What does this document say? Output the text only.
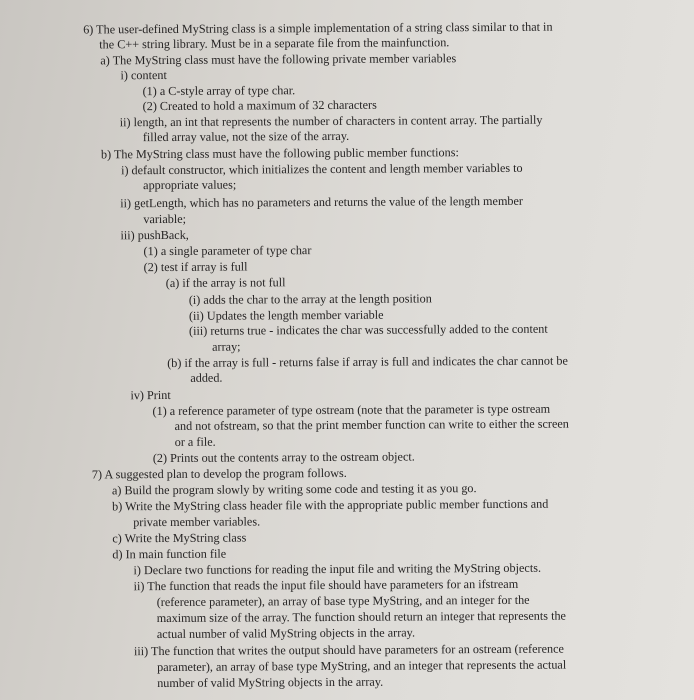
6) The user-defined MyString class is a simple implementation of a string class similar to that in
the C++ string library. Must be in a separate file from the mainfunction.
a) The MyString class must have the following private member variables
i) content
(1) a C-style array of type char.
(2) Created to hold a maximum of 32 characters
ii) length, an int that represents the number of characters in content array. The partially
filled array value, not the size of the array.
b) The MyString class must have the following public member functions:
i) default constructor, which initializes the content and length member variables to
appropriate values;
ii) getLength, which has no parameters and returns the value of the length member
variable;
iii) pushBack,
(1) a single parameter of type char
(2) test if array is full
(a) if the array is not full
(i) adds the char to the array at the length position
(ii) Updates the length member variable
(iii) returns true - indicates the char was successfully added to the content
array;
(b) if the array is full - returns false if array is full and indicates the char cannot be
added.
iv) Print
(1) a reference parameter of type ostream (note that the parameter is type ostream
and not ofstream, so that the print member function can write to either the screen
or a file.
(2) Prints out the contents array to the ostream object.
7) A suggested plan to develop the program follows.
a) Build the program slowly by writing some code and testing it as you go.
b) Write the MyString class header file with the appropriate public member functions and
private member variables.
c) Write the MyString class
d) In main function file
i) Declare two functions for reading the input file and writing the MyString objects.
ii) The function that reads the input file should have parameters for an ifstream
(reference parameter), an array of base type MyString, and an integer for the
maximum size of the array. The function should return an integer that represents the
actual number of valid MyString objects in the array.
iii) The function that writes the output should have parameters for an ostream (reference
parameter), an array of base type MyString, and an integer that represents the actual
number of valid MyString objects in the array.
